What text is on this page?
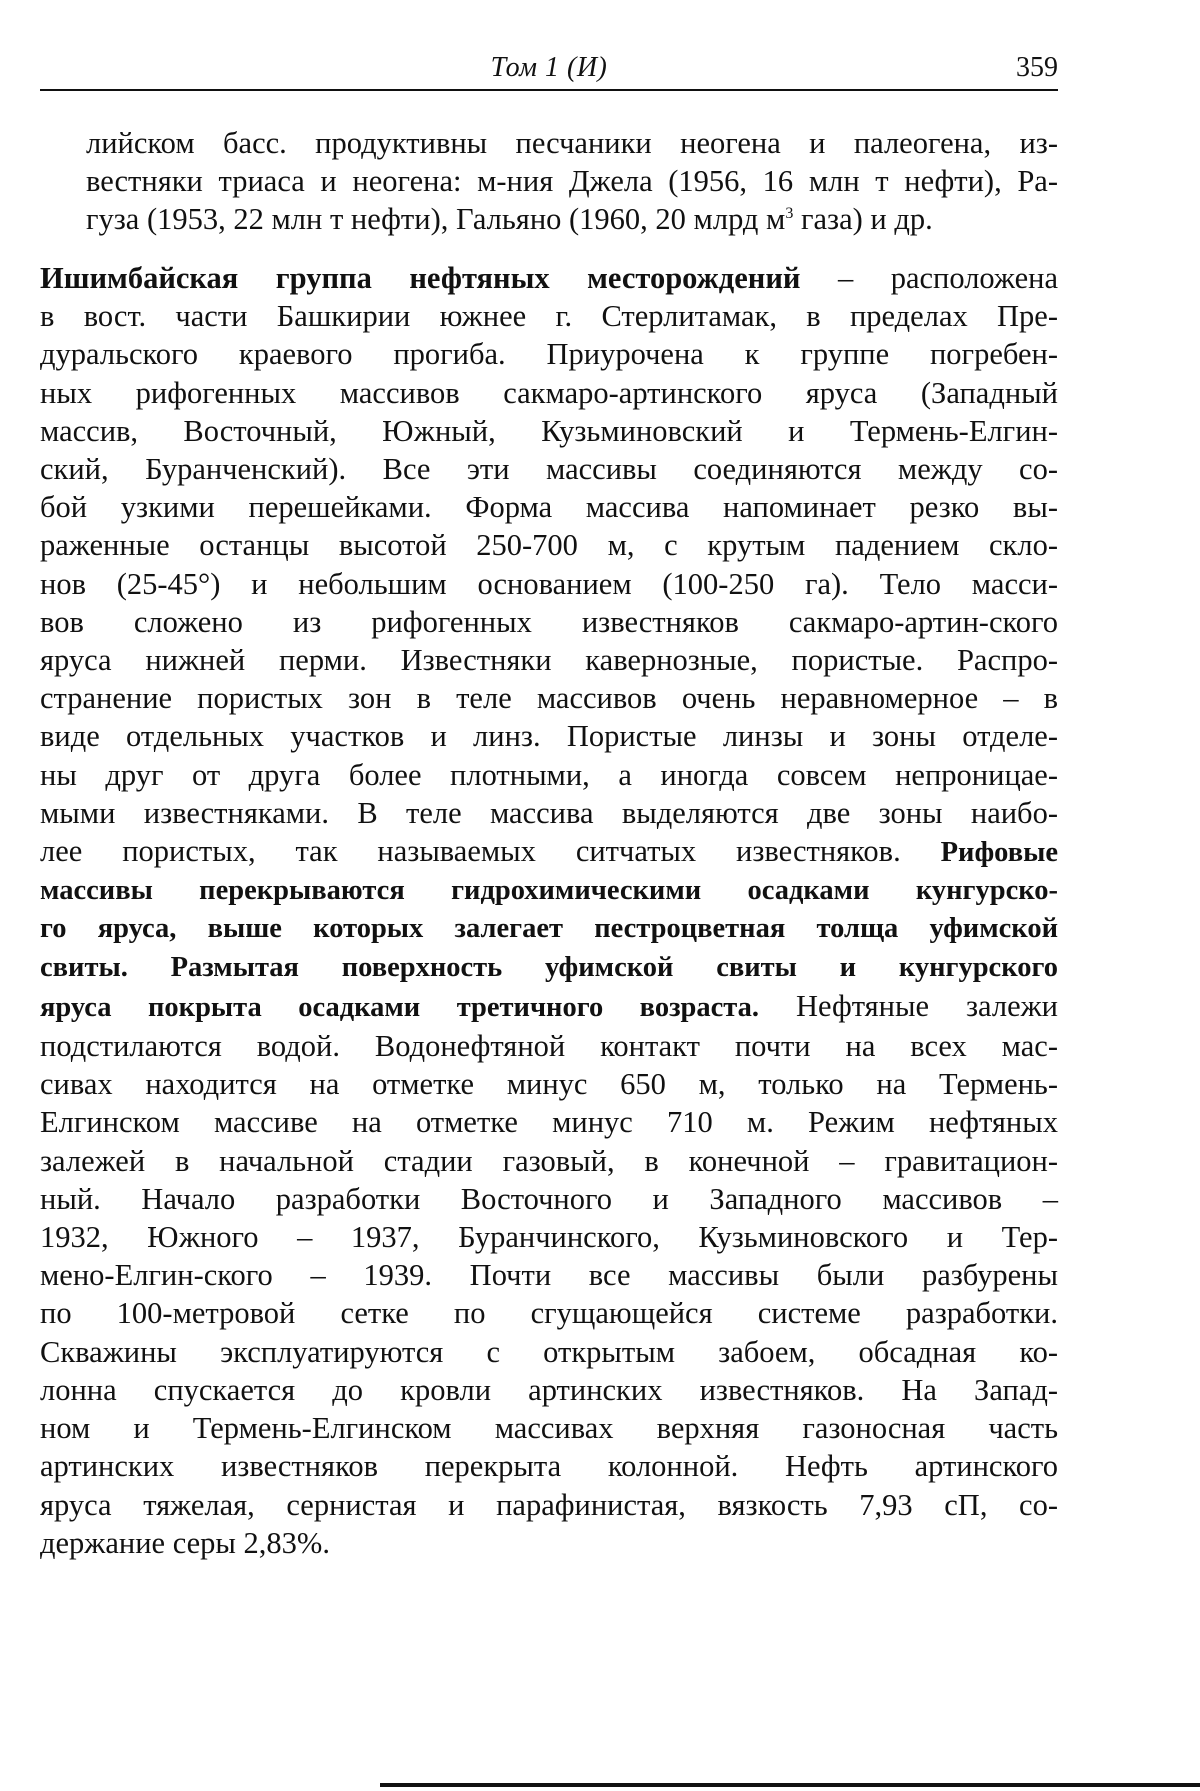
Том 1 (И)	359
лийском басс. продуктивны песчаники неогена и палеогена, из-
вестняки триаса и неогена: м-ния Джела (1956, 16 млн т нефти), Ра-
гуза (1953, 22 млн т нефти), Гальяно (1960, 20 млрд $м^3$ газа) и др.

Ишимбайская группа нефтяных месторождений – расположена
в вост. части Башкирии южнее г. Стерлитамак, в пределах Пре-
дуральского краевого прогиба. Приурочена к группе погребен-
ных рифогенных массивов сакмаро-артинского яруса (Западный
массив, Восточный, Южный, Кузьминовский и Термень-Елгин-
ский, Буранченский). Все эти массивы соединяются между со-
бой узкими перешейками. Форма массива напоминает резко вы-
раженные останцы высотой 250-700 м, с крутым падением скло-
нов (25-45°) и небольшим основанием (100-250 га). Тело масси-
вов сложено из рифогенных известняков сакмаро-артин-ского
яруса нижней перми. Известняки кавернозные, пористые. Распро-
странение пористых зон в теле массивов очень неравномерное – в
виде отдельных участков и линз. Пористые линзы и зоны отделе-
ны друг от друга более плотными, а иногда совсем непроницае-
мыми известняками. В теле массива выделяются две зоны наибо-
лее пористых, так называемых ситчатых известняков. Рифовые
массивы перекрываются гидрохимическими осадками кунгурско-
го яруса, выше которых залегает пестроцветная толща уфимской
свиты. Размытая поверхность уфимской свиты и кунгурского
яруса покрыта осадками третичного возраста. Нефтяные залежи
подстилаются водой. Водонефтяной контакт почти на всех мас-
сивах находится на отметке минус 650 м, только на Термень-
Елгинском массиве на отметке минус 710 м. Режим нефтяных
залежей в начальной стадии газовый, в конечной – гравитацион-
ный. Начало разработки Восточного и Западного массивов –
1932, Южного – 1937, Буранчинского, Кузьминовского и Тер-
мено-Елгин-ского – 1939. Почти все массивы были разбурены
по 100-метровой сетке по сгущающейся системе разработки.
Скважины эксплуатируются с открытым забоем, обсадная ко-
лонна спускается до кровли артинских известняков. На Запад-
ном и Термень-Елгинском массивах верхняя газоносная часть
артинских известняков перекрыта колонной. Нефть артинского
яруса тяжелая, сернистая и парафинистая, вязкость 7,93 сП, со-
держание серы 2,83%.
